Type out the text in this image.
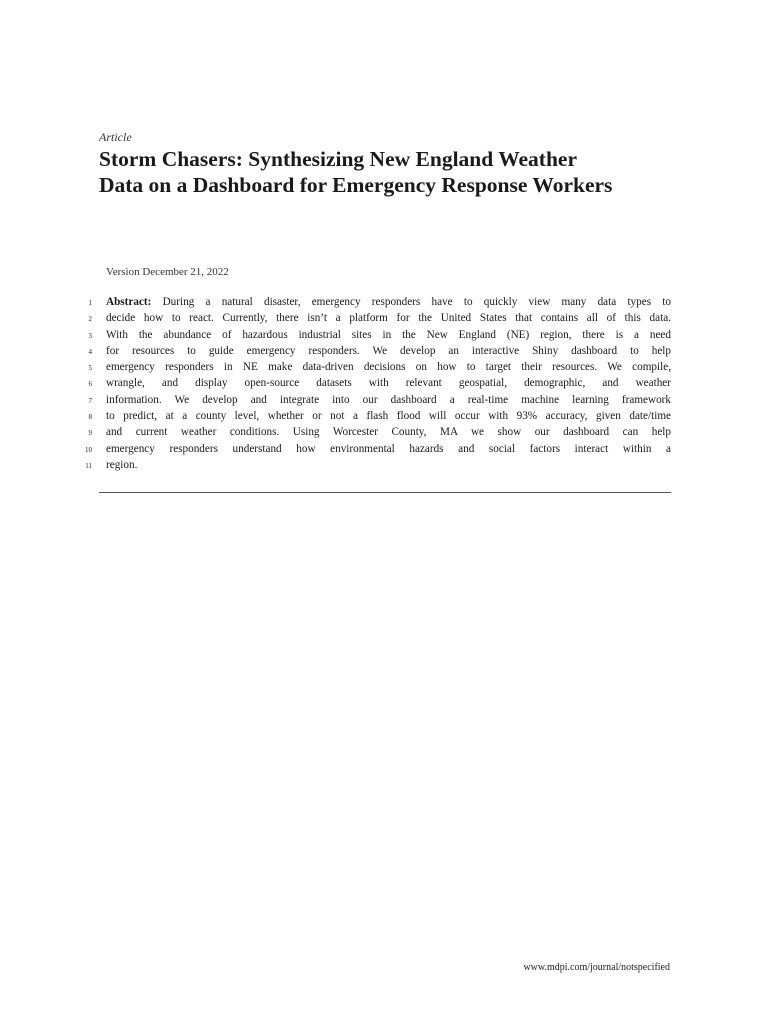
Article
Storm Chasers: Synthesizing New England Weather
Data on a Dashboard for Emergency Response Workers
Version December 21, 2022
1 Abstract: During a natural disaster, emergency responders have to quickly view many data types to
2 decide how to react. Currently, there isn’t a platform for the United States that contains all of this data.
3 With the abundance of hazardous industrial sites in the New England (NE) region, there is a need
4 for resources to guide emergency responders. We develop an interactive Shiny dashboard to help
5 emergency responders in NE make data-driven decisions on how to target their resources. We compile,
6 wrangle, and display open-source datasets with relevant geospatial, demographic, and weather
7 information. We develop and integrate into our dashboard a real-time machine learning framework
8 to predict, at a county level, whether or not a flash flood will occur with 93% accuracy, given date/time
9 and current weather conditions. Using Worcester County, MA we show our dashboard can help
10 emergency responders understand how environmental hazards and social factors interact within a
11 region.
www.mdpi.com/journal/notspecified
